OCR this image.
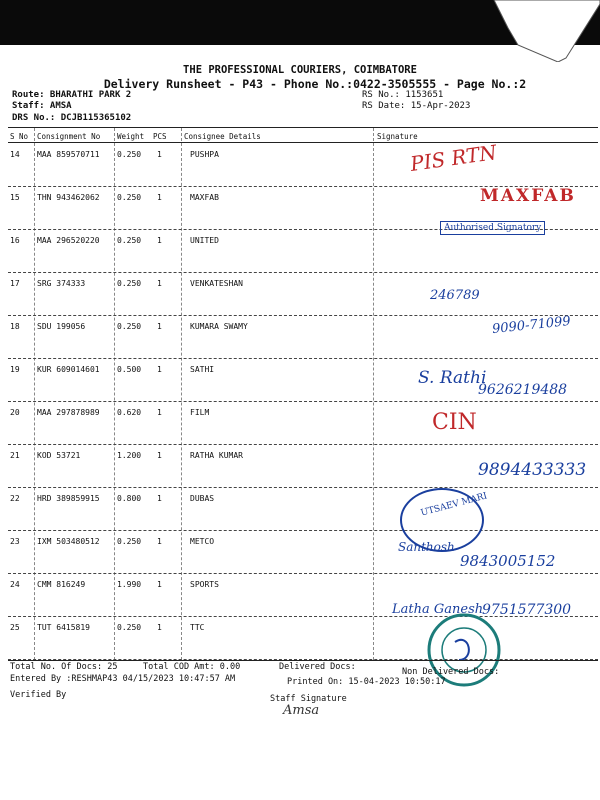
THE PROFESSIONAL COURIERS, COIMBATORE
Delivery Runsheet - P43 - Phone No.:0422-3505555 - Page No.:2
Route: BHARATHI PARK 2
Staff: AMSA
DRS No.: DCJB115365102
RS No.: 1153651
RS Date: 15-Apr-2023
S No Consignment No Weight PCS Consignee Details	Signature
14 MAA 859570711 0.250 1	PUSHPA
15 THN 943462062 0.250 1	MAXFAB
16 MAA 296520220 0.250 1	UNITED
17 SRG 374333	0.250 1	VENKATESHAN
18 SDU 199056	0.250 1	KUMARA SWAMY
19 KUR 609014601 0.500 1	SATHI
20 MAA 297878989 0.620 1	FILM
21 KOD 53721	1.200 1	RATHA KUMAR
22 HRD 389859915 0.800 1	DUBAS
23 IXM 503480512 0.250 1	METCO
24 CMM 816249	1.990 1	SPORTS
25 TUT 6415819	0.250 1	TTC
PIS RTN
MAXFAB
Authorised Signatory
246789
9090-71099
S. Rathi
9626219488
CIN
9894433333
UTSAEV MARI
Santhosh
9843005152
Latha Ganesh
9751577300
Total No. Of Docs: 25	Total COD Amt: 0.00	Delivered Docs:	Non Delivered Docs:
Entered By :RESHMAP43 04/15/2023 10:47:57 AM	Printed On: 15-04-2023 10:50:17
Verified By	Staff Signature
Amsa
